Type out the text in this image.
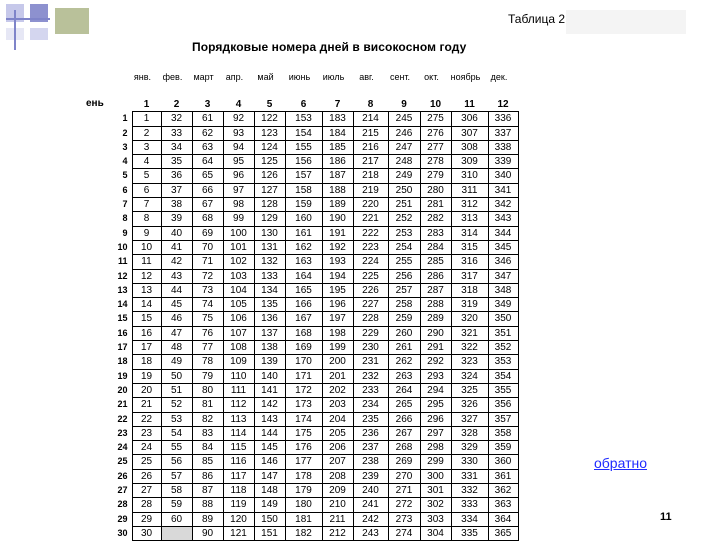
Таблица 2
Порядковые номера дней в високосном году
янв.	фев.	март	апр.	май	июнь	июль	авг.	сент.	окт.	ноябрь	дек.
ень
		1	2	3	4	5	6	7	8	9	10	11	12
1	1	32	61	92	122	153	183	214	245	275	306	336
2	2	33	62	93	123	154	184	215	246	276	307	337
3	3	34	63	94	124	155	185	216	247	277	308	338
4	4	35	64	95	125	156	186	217	248	278	309	339
5	5	36	65	96	126	157	187	218	249	279	310	340
6	6	37	66	97	127	158	188	219	250	280	311	341
7	7	38	67	98	128	159	189	220	251	281	312	342
8	8	39	68	99	129	160	190	221	252	282	313	343
9	9	40	69	100	130	161	191	222	253	283	314	344
10	10	41	70	101	131	162	192	223	254	284	315	345
11	11	42	71	102	132	163	193	224	255	285	316	346
12	12	43	72	103	133	164	194	225	256	286	317	347
13	13	44	73	104	134	165	195	226	257	287	318	348
14	14	45	74	105	135	166	196	227	258	288	319	349
15	15	46	75	106	136	167	197	228	259	289	320	350
16	16	47	76	107	137	168	198	229	260	290	321	351
17	17	48	77	108	138	169	199	230	261	291	322	352
18	18	49	78	109	139	170	200	231	262	292	323	353
19	19	50	79	110	140	171	201	232	263	293	324	354
20	20	51	80	111	141	172	202	233	264	294	325	355
21	21	52	81	112	142	173	203	234	265	295	326	356
22	22	53	82	113	143	174	204	235	266	296	327	357
23	23	54	83	114	144	175	205	236	267	297	328	358
24	24	55	84	115	145	176	206	237	268	298	329	359
25	25	56	85	116	146	177	207	238	269	299	330	360
26	26	57	86	117	147	178	208	239	270	300	331	361
27	27	58	87	118	148	179	209	240	271	301	332	362
28	28	59	88	119	149	180	210	241	272	302	333	363
29	29	60	89	120	150	181	211	242	273	303	334	364
30	30		90	121	151	182	212	243	274	304	335	365
обратно
11
